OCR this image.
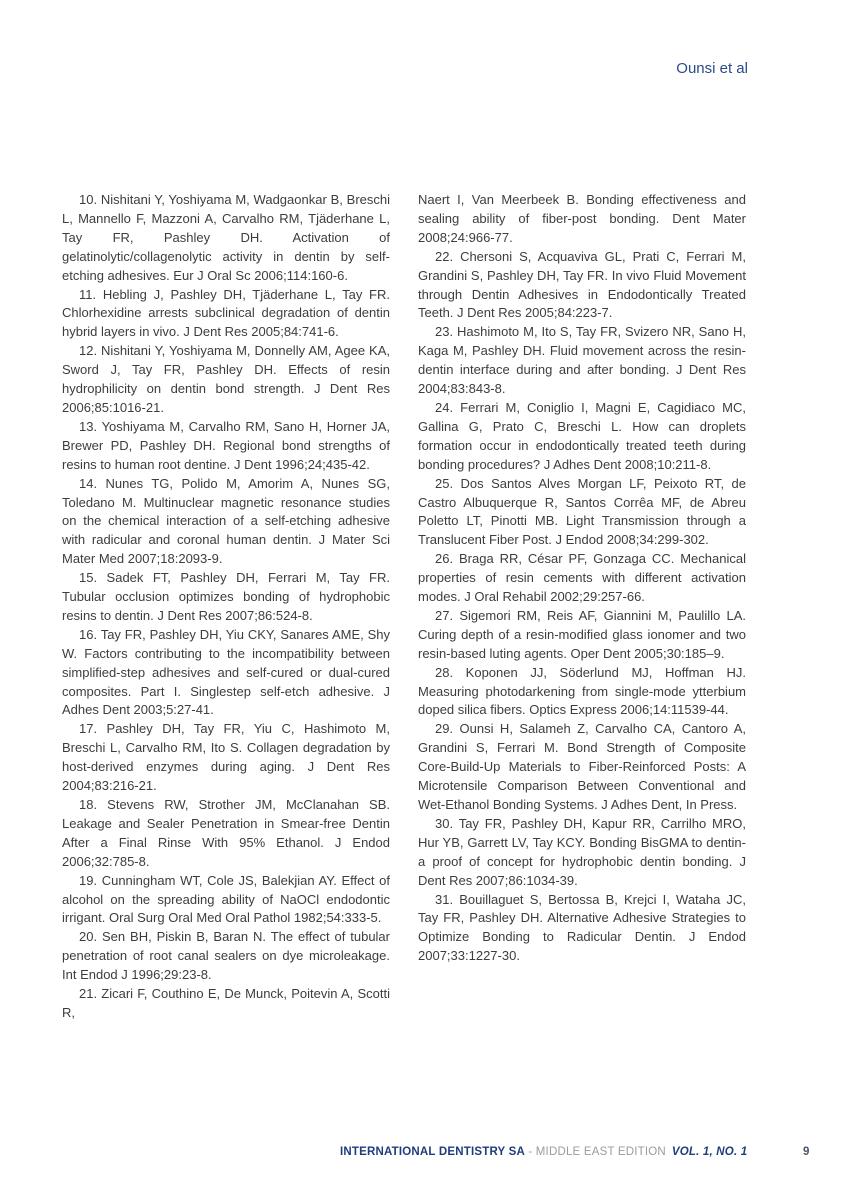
Ounsi et al

10. Nishitani Y, Yoshiyama M, Wadgaonkar B, Breschi L, Mannello F, Mazzoni A, Carvalho RM, Tjäderhane L, Tay FR, Pashley DH. Activation of gelatinolytic/collagenolytic activity in dentin by self-etching adhesives. Eur J Oral Sc 2006;114:160-6.

11. Hebling J, Pashley DH, Tjäderhane L, Tay FR. Chlorhexidine arrests subclinical degradation of dentin hybrid layers in vivo. J Dent Res 2005;84:741-6.

12. Nishitani Y, Yoshiyama M, Donnelly AM, Agee KA, Sword J, Tay FR, Pashley DH. Effects of resin hydrophilicity on dentin bond strength. J Dent Res 2006;85:1016-21.

13. Yoshiyama M, Carvalho RM, Sano H, Horner JA, Brewer PD, Pashley DH. Regional bond strengths of resins to human root dentine. J Dent 1996;24;435-42.

14. Nunes TG, Polido M, Amorim A, Nunes SG, Toledano M. Multinuclear magnetic resonance studies on the chemical interaction of a self-etching adhesive with radicular and coronal human dentin. J Mater Sci Mater Med 2007;18:2093-9.

15. Sadek FT, Pashley DH, Ferrari M, Tay FR. Tubular occlusion optimizes bonding of hydrophobic resins to dentin. J Dent Res 2007;86:524-8.

16. Tay FR, Pashley DH, Yiu CKY, Sanares AME, Shy W. Factors contributing to the incompatibility between simplified-step adhesives and self-cured or dual-cured composites. Part I. Singlestep self-etch adhesive. J Adhes Dent 2003;5:27-41.

17. Pashley DH, Tay FR, Yiu C, Hashimoto M, Breschi L, Carvalho RM, Ito S. Collagen degradation by host-derived enzymes during aging. J Dent Res 2004;83:216-21.

18. Stevens RW, Strother JM, McClanahan SB. Leakage and Sealer Penetration in Smear-free Dentin After a Final Rinse With 95% Ethanol. J Endod 2006;32:785-8.

19. Cunningham WT, Cole JS, Balekjian AY. Effect of alcohol on the spreading ability of NaOCl endodontic irrigant. Oral Surg Oral Med Oral Pathol 1982;54:333-5.

20. Sen BH, Piskin B, Baran N. The effect of tubular penetration of root canal sealers on dye microleakage. Int Endod J 1996;29:23-8.

21. Zicari F, Couthino E, De Munck, Poitevin A, Scotti R,

Naert I, Van Meerbeek B. Bonding effectiveness and sealing ability of fiber-post bonding. Dent Mater 2008;24:966-77.

22. Chersoni S, Acquaviva GL, Prati C, Ferrari M, Grandini S, Pashley DH, Tay FR. In vivo Fluid Movement through Dentin Adhesives in Endodontically Treated Teeth. J Dent Res 2005;84:223-7.

23. Hashimoto M, Ito S, Tay FR, Svizero NR, Sano H, Kaga M, Pashley DH. Fluid movement across the resin-dentin interface during and after bonding. J Dent Res 2004;83:843-8.

24. Ferrari M, Coniglio I, Magni E, Cagidiaco MC, Gallina G, Prato C, Breschi L. How can droplets formation occur in endodontically treated teeth during bonding procedures? J Adhes Dent 2008;10:211-8.

25. Dos Santos Alves Morgan LF, Peixoto RT, de Castro Albuquerque R, Santos Corrêa MF, de Abreu Poletto LT, Pinotti MB. Light Transmission through a Translucent Fiber Post. J Endod 2008;34:299-302.

26. Braga RR, César PF, Gonzaga CC. Mechanical properties of resin cements with different activation modes. J Oral Rehabil 2002;29:257-66.

27. Sigemori RM, Reis AF, Giannini M, Paulillo LA. Curing depth of a resin-modified glass ionomer and two resin-based luting agents. Oper Dent 2005;30:185–9.

28. Koponen JJ, Söderlund MJ, Hoffman HJ. Measuring photodarkening from single-mode ytterbium doped silica fibers. Optics Express 2006;14:11539-44.

29. Ounsi H, Salameh Z, Carvalho CA, Cantoro A, Grandini S, Ferrari M. Bond Strength of Composite Core-Build-Up Materials to Fiber-Reinforced Posts: A Microtensile Comparison Between Conventional and Wet-Ethanol Bonding Systems. J Adhes Dent, In Press.

30. Tay FR, Pashley DH, Kapur RR, Carrilho MRO, Hur YB, Garrett LV, Tay KCY. Bonding BisGMA to dentin-a proof of concept for hydrophobic dentin bonding. J Dent Res 2007;86:1034-39.

31. Bouillaguet S, Bertossa B, Krejci I, Wataha JC, Tay FR, Pashley DH. Alternative Adhesive Strategies to Optimize Bonding to Radicular Dentin. J Endod 2007;33:1227-30.

INTERNATIONAL DENTISTRY SA - MIDDLE EAST EDITION VOL. 1, NO. 1	9
